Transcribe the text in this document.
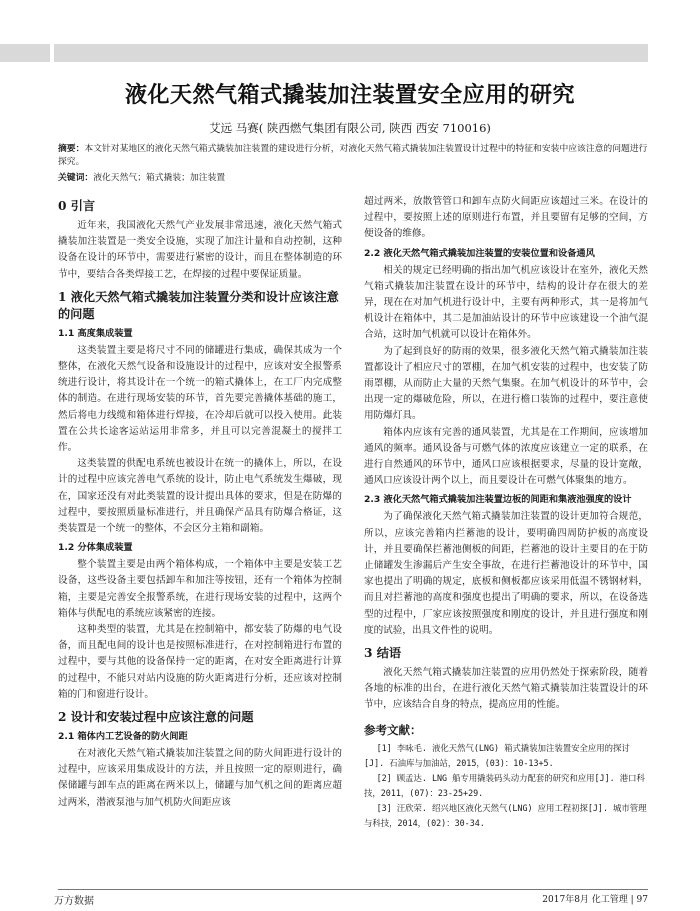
液化天然气箱式撬装加注装置安全应用的研究
艾远 马赛( 陕西燃气集团有限公司, 陕西 西安 710016)
摘要：本文针对某地区的液化天然气箱式撬装加注装置的建设进行分析，对液化天然气箱式撬装加注装置设计过程中的特征和安装中应该注意的问题进行探究。
关键词：液化天然气；箱式撬装；加注装置
0 引言

近年来，我国液化天然气产业发展非常迅速，液化天然气箱式撬装加注装置是一类安全设施，实现了加注计量和自动控制，这种设备在设计的环节中，需要进行紧密的设计，而且在整体制造的环节中，要结合各类焊接工艺，在焊接的过程中要保证质量。

1 液化天然气箱式撬装加注装置分类和设计应该注意的问题
1.1 高度集成装置

这类装置主要是将尺寸不同的储罐进行集成，确保其成为一个整体，在液化天然气设备和设施设计的过程中，应该对安全报警系统进行设计，将其设计在一个统一的箱式撬体上，在工厂内完成整体的制造。在进行现场安装的环节，首先要完善撬体基础的施工，然后将电力线缆和箱体进行焊接，在冷却后就可以投入使用。此装置在公共长途客运站运用非常多，并且可以完善混凝土的搅拌工作。

这类装置的供配电系统也被设计在统一的撬体上，所以，在设计的过程中应该完善电气系统的设计，防止电气系统发生爆破，现在，国家还没有对此类装置的设计提出具体的要求，但是在防爆的过程中，要按照质量标准进行，并且确保产品具有防爆合格证，这类装置是一个统一的整体，不会区分主箱和副箱。

1.2 分体集成装置

整个装置主要是由两个箱体构成，一个箱体中主要是安装工艺设备，这些设备主要包括卸车和加注等按钮，还有一个箱体为控制箱，主要是完善安全报警系统，在进行现场安装的过程中，这两个箱体与供配电的系统应该紧密的连接。

这种类型的装置，尤其是在控制箱中，都安装了防爆的电气设备，而且配电间的设计也是按照标准进行，在对控制箱进行布置的过程中，要与其他的设备保持一定的距离，在对安全距离进行计算的过程中，不能只对站内设施的防火距离进行分析，还应该对控制箱的门和窗进行设计。

2 设计和安装过程中应该注意的问题
2.1 箱体内工艺设备的防火间距

在对液化天然气箱式撬装加注装置之间的防火间距进行设计的过程中，应该采用集成设计的方法，并且按照一定的原则进行，确保储罐与卸车点的距离在两米以上，储罐与加气机之间的距离应超过两米，潜液泵池与加气机防火间距应该

超过两米，放散管管口和卸车点防火间距应该超过三米。在设计的过程中，要按照上述的原则进行布置，并且要留有足够的空间，方便设备的维修。

2.2 液化天然气箱式撬装加注装置的安装位置和设备通风

相关的规定已经明确的指出加气机应该设计在室外，液化天然气箱式撬装加注装置在设计的环节中，结构的设计存在很大的差异，现在在对加气机进行设计中，主要有两种形式，其一是将加气机设计在箱体中，其二是加油站设计的环节中应该建设一个油气混合站，这时加气机就可以设计在箱体外。

为了起到良好的防雨的效果，很多液化天然气箱式撬装加注装置都设计了相应尺寸的罩棚，在加气机安装的过程中，也安装了防雨罩棚，从而防止大量的天然气集聚。在加气机设计的环节中，会出现一定的爆破危险，所以，在进行檐口装饰的过程中，要注意使用防爆灯具。

箱体内应该有完善的通风装置，尤其是在工作期间，应该增加通风的频率。通风设备与可燃气体的浓度应该建立一定的联系，在进行自然通风的环节中，通风口应该根据要求，尽量的设计宽敞，通风口应该设计两个以上，而且要设计在可燃气体聚集的地方。

2.3 液化天然气箱式撬装加注装置边板的间距和集液池强度的设计

为了确保液化天然气箱式撬装加注装置的设计更加符合规范，所以，应该完善箱内拦蓄池的设计，要明确四周防护板的高度设计，并且要确保拦蓄池侧板的间距，拦蓄池的设计主要目的在于防止储罐发生渗漏后产生安全事故，在进行拦蓄池设计的环节中，国家也提出了明确的规定，底板和侧板都应该采用低温不锈钢材料，而且对拦蓄池的高度和强度也提出了明确的要求，所以，在设备选型的过程中，厂家应该按照强度和刚度的设计，并且进行强度和刚度的试验，出具文件性的说明。

3 结语

液化天然气箱式撬装加注装置的应用仍然处于探索阶段，随着各地的标准的出台，在进行液化天然气箱式撬装加注装置设计的环节中，应该结合自身的特点，提高应用的性能。

参考文献：

[1] 李咏毛. 液化天然气(LNG) 箱式撬装加注装置安全应用的探讨[J]. 石油库与加油站，2015，(03)：10-13+5.

[2] 顾孟达. LNG 船专用撬装码头动力配套的研究和应用[J]. 港口科技，2011，(07)：23-25+29.

[3] 汪欣荣. 绍兴地区液化天然气(LNG) 应用工程初探[J]. 城市管理与科技，2014，(02)：30-34.

2017年8月 化工管理 | 97
万方数据
